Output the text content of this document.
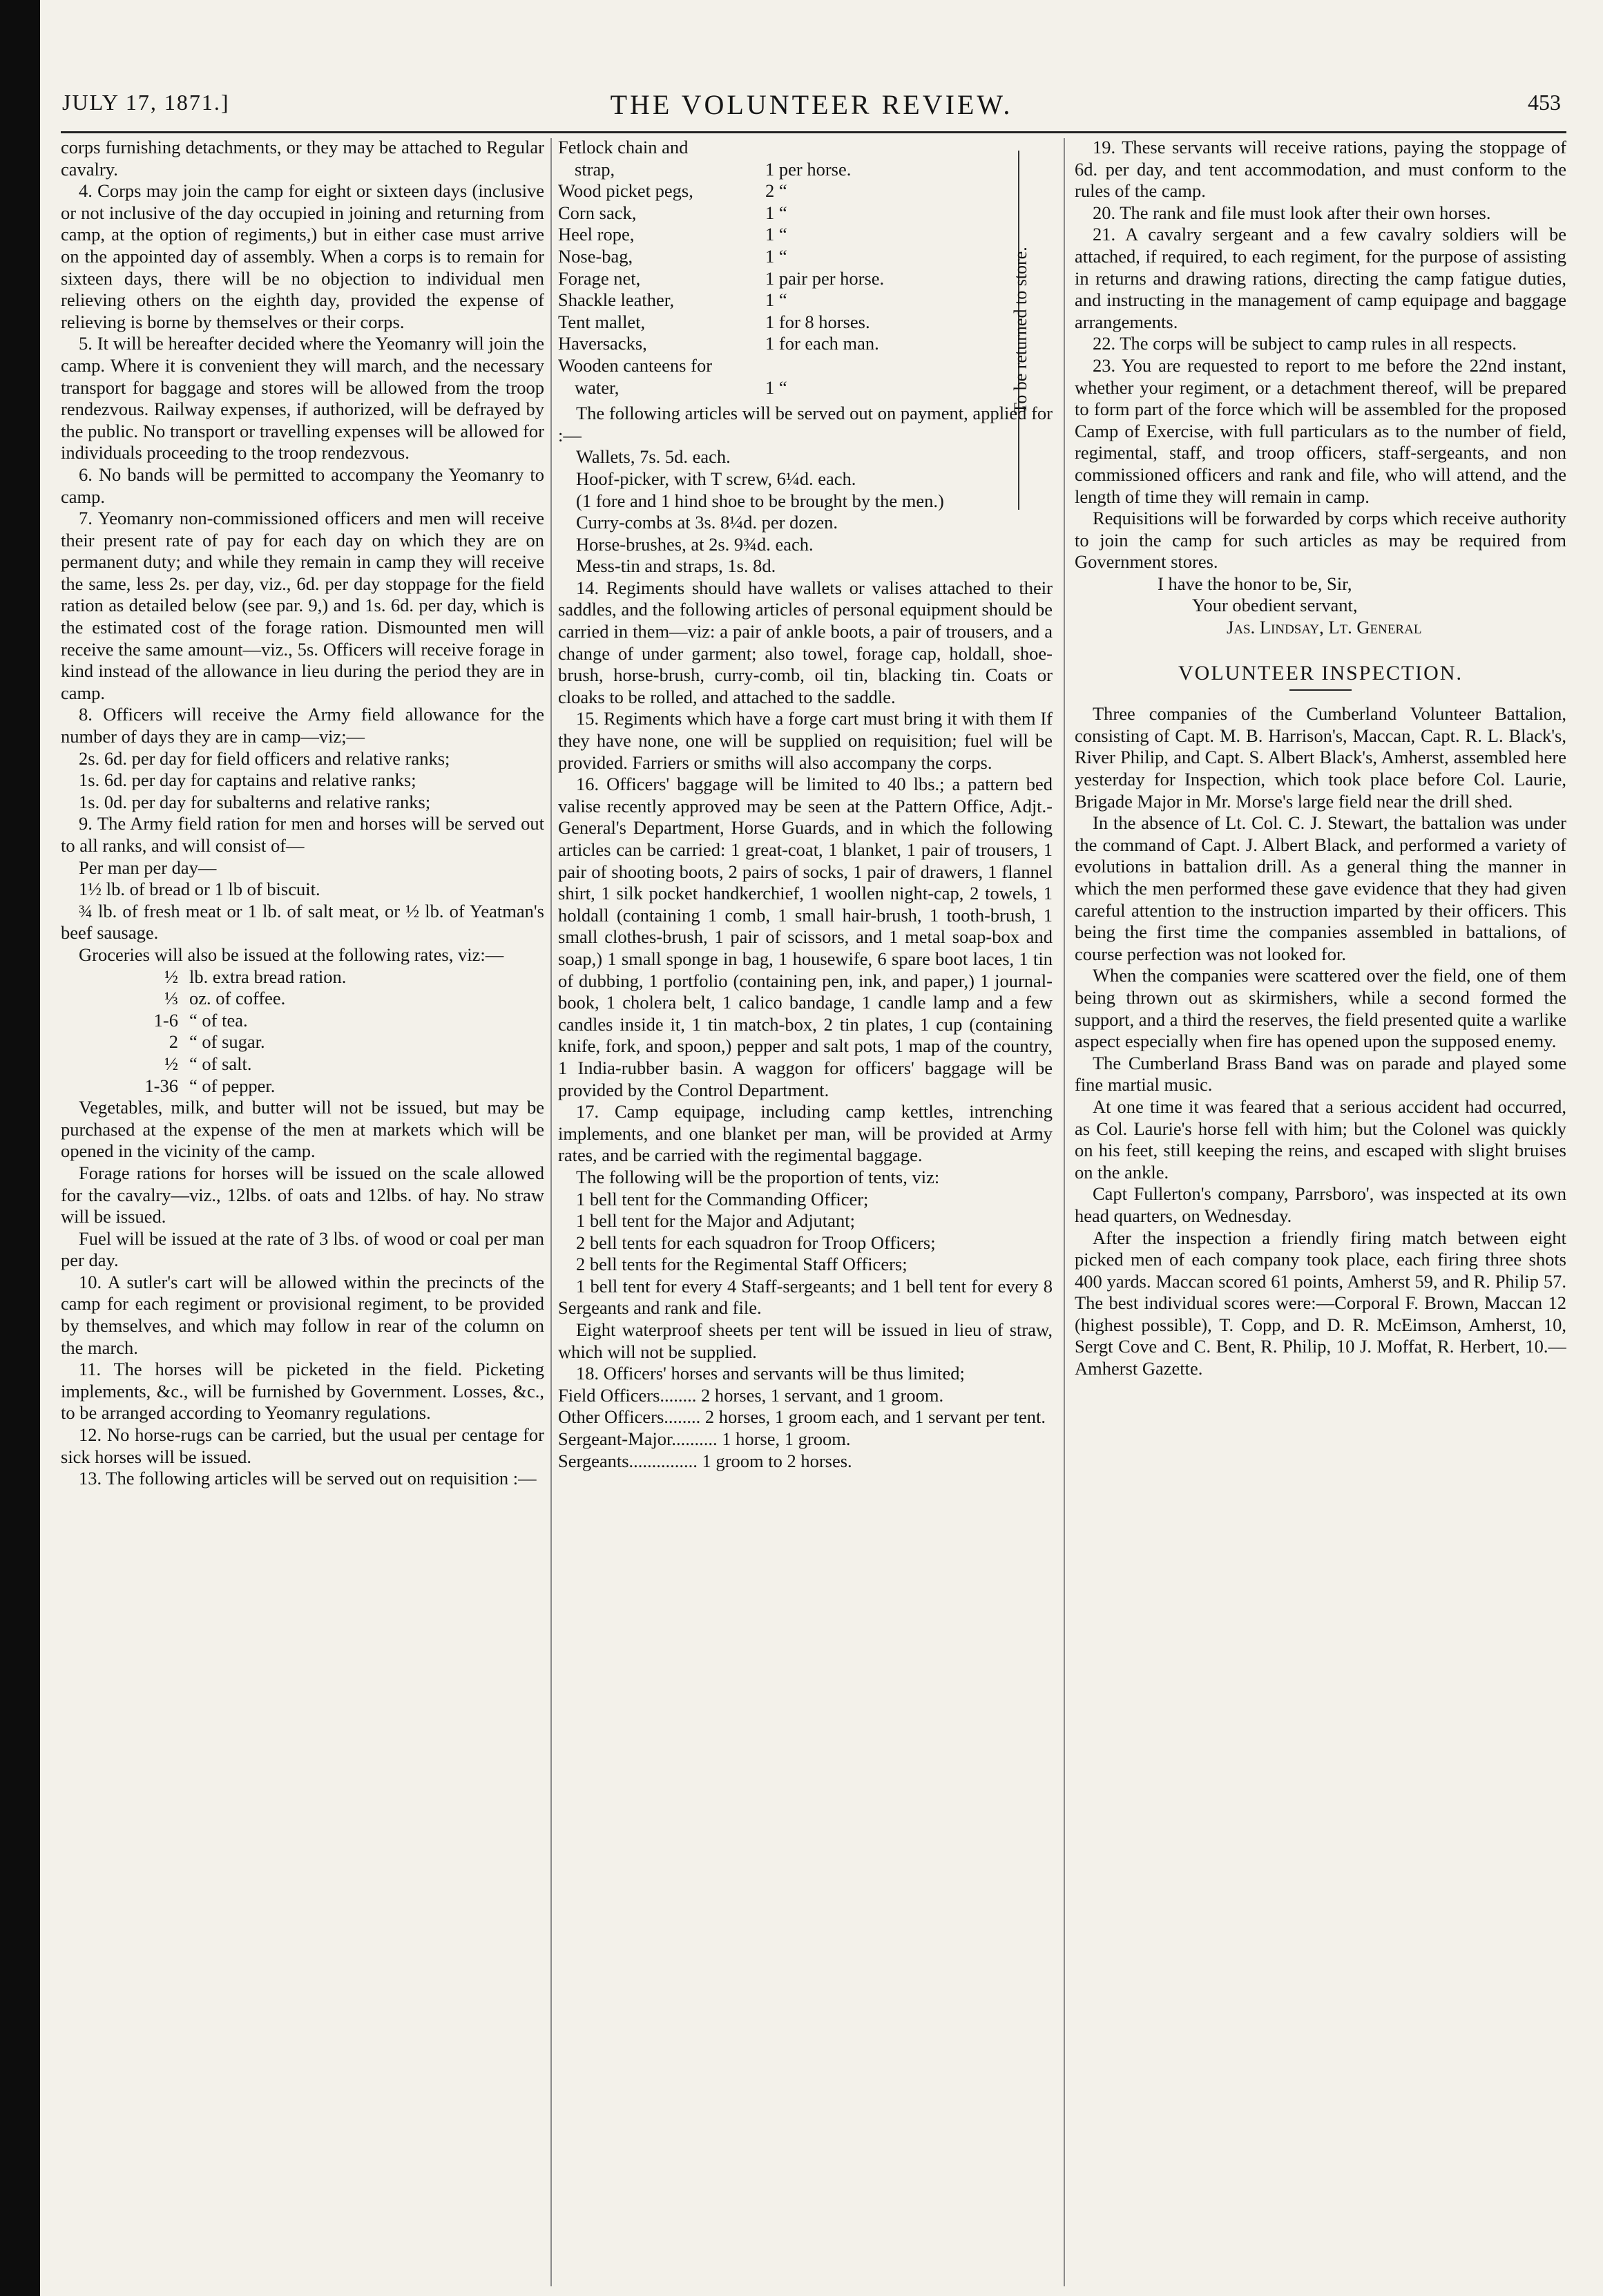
JULY 17, 1871.]	THE VOLUNTEER REVIEW.	453

corps furnishing detachments, or they may be attached to Regular cavalry.

4. Corps may join the camp for eight or sixteen days (inclusive or not inclusive of the day occupied in joining and returning from camp, at the option of regiments,) but in either case must arrive on the appointed day of assembly. When a corps is to remain for sixteen days, there will be no objection to individual men relieving others on the eighth day, provided the expense of relieving is borne by themselves or their corps.

5. It will be hereafter decided where the Yeomanry will join the camp. Where it is convenient they will march, and the necessary transport for baggage and stores will be allowed from the troop rendezvous. Railway expenses, if authorized, will be defrayed by the public. No transport or travelling expenses will be allowed for individuals proceeding to the troop rendezvous.

6. No bands will be permitted to accompany the Yeomanry to camp.

7. Yeomanry non-commissioned officers and men will receive their present rate of pay for each day on which they are on permanent duty; and while they remain in camp they will receive the same, less 2s. per day, viz., 6d. per day stoppage for the field ration as detailed below (see par. 9,) and 1s. 6d. per day, which is the estimated cost of the forage ration. Dismounted men will receive the same amount—viz., 5s. Officers will receive forage in kind instead of the allowance in lieu during the period they are in camp.

8. Officers will receive the Army field allowance for the number of days they are in camp—viz;—

2s. 6d. per day for field officers and relative ranks;

1s. 6d. per day for captains and relative ranks;

1s. 0d. per day for subalterns and relative ranks;

9. The Army field ration for men and horses will be served out to all ranks, and will consist of—

Per man per day—

1½ lb. of bread or 1 lb of biscuit.

¾ lb. of fresh meat or 1 lb. of salt meat, or ½ lb. of Yeatman's beef sausage.

Groceries will also be issued at the following rates, viz:—

½ lb. extra bread ration.
⅓ oz. of coffee.
1-6 “ of tea.
2 “ of sugar.
½ “ of salt.
1-36 “ of pepper.

Vegetables, milk, and butter will not be issued, but may be purchased at the expense of the men at markets which will be opened in the vicinity of the camp.

Forage rations for horses will be issued on the scale allowed for the cavalry—viz., 12lbs. of oats and 12lbs. of hay. No straw will be issued.

Fuel will be issued at the rate of 3 lbs. of wood or coal per man per day.

10. A sutler's cart will be allowed within the precincts of the camp for each regiment or provisional regiment, to be provided by themselves, and which may follow in rear of the column on the march.

11. The horses will be picketed in the field. Picketing implements, &c., will be furnished by Government. Losses, &c., to be arranged according to Yeomanry regulations.

12. No horse-rugs can be carried, but the usual per centage for sick horses will be issued.

13. The following articles will be served out on requisition :—

Fetlock chain and
strap,	1 per horse.
Wood picket pegs,	2 “
Corn sack,	1 “
Heel rope,	1 “
Nose-bag,	1 “
Forage net,	1 pair per horse.
Shackle leather,	1 “
Tent mallet,	1 for 8 horses.
Haversacks,	1 for each man.
Wooden canteens for
water,	1 “	To be returned to store.

The following articles will be served out on payment, applied for :—

Wallets, 7s. 5d. each.

Hoof-picker, with T screw, 6¼d. each.

(1 fore and 1 hind shoe to be brought by the men.)

Curry-combs at 3s. 8¼d. per dozen.

Horse-brushes, at 2s. 9¾d. each.

Mess-tin and straps, 1s. 8d.

14. Regiments should have wallets or valises attached to their saddles, and the following articles of personal equipment should be carried in them—viz: a pair of ankle boots, a pair of trousers, and a change of under garment; also towel, forage cap, holdall, shoe-brush, horse-brush, curry-comb, oil tin, blacking tin. Coats or cloaks to be rolled, and attached to the saddle.

15. Regiments which have a forge cart must bring it with them If they have none, one will be supplied on requisition; fuel will be provided. Farriers or smiths will also accompany the corps.

16. Officers' baggage will be limited to 40 lbs.; a pattern bed valise recently approved may be seen at the Pattern Office, Adjt.-General's Department, Horse Guards, and in which the following articles can be carried: 1 great-coat, 1 blanket, 1 pair of trousers, 1 pair of shooting boots, 2 pairs of socks, 1 pair of drawers, 1 flannel shirt, 1 silk pocket handkerchief, 1 woollen night-cap, 2 towels, 1 holdall (containing 1 comb, 1 small hair-brush, 1 tooth-brush, 1 small clothes-brush, 1 pair of scissors, and 1 metal soap-box and soap,) 1 small sponge in bag, 1 housewife, 6 spare boot laces, 1 tin of dubbing, 1 portfolio (containing pen, ink, and paper,) 1 journal-book, 1 cholera belt, 1 calico bandage, 1 candle lamp and a few candles inside it, 1 tin match-box, 2 tin plates, 1 cup (containing knife, fork, and spoon,) pepper and salt pots, 1 map of the country, 1 India-rubber basin. A waggon for officers' baggage will be provided by the Control Department.

17. Camp equipage, including camp kettles, intrenching implements, and one blanket per man, will be provided at Army rates, and be carried with the regimental baggage.

The following will be the proportion of tents, viz:

1 bell tent for the Commanding Officer;

1 bell tent for the Major and Adjutant;

2 bell tents for each squadron for Troop Officers;

2 bell tents for the Regimental Staff Officers;

1 bell tent for every 4 Staff-sergeants; and 1 bell tent for every 8 Sergeants and rank and file.

Eight waterproof sheets per tent will be issued in lieu of straw, which will not be supplied.

18. Officers' horses and servants will be thus limited;

Field Officers........ 2 horses, 1 servant, and 1 groom.

Other Officers........ 2 horses, 1 groom each, and 1 servant per tent.

Sergeant-Major.......... 1 horse, 1 groom.

Sergeants............... 1 groom to 2 horses.

19. These servants will receive rations, paying the stoppage of 6d. per day, and tent accommodation, and must conform to the rules of the camp.

20. The rank and file must look after their own horses.

21. A cavalry sergeant and a few cavalry soldiers will be attached, if required, to each regiment, for the purpose of assisting in returns and drawing rations, directing the camp fatigue duties, and instructing in the management of camp equipage and baggage arrangements.

22. The corps will be subject to camp rules in all respects.

23. You are requested to report to me before the 22nd instant, whether your regiment, or a detachment thereof, will be prepared to form part of the force which will be assembled for the proposed Camp of Exercise, with full particulars as to the number of field, regimental, staff, and troop officers, staff-sergeants, and non commissioned officers and rank and file, who will attend, and the length of time they will remain in camp.

Requisitions will be forwarded by corps which receive authority to join the camp for such articles as may be required from Government stores.

I have the honor to be, Sir,

Your obedient servant,

Jas. Lindsay, Lt. General

VOLUNTEER INSPECTION.

Three companies of the Cumberland Volunteer Battalion, consisting of Capt. M. B. Harrison's, Maccan, Capt. R. L. Black's, River Philip, and Capt. S. Albert Black's, Amherst, assembled here yesterday for Inspection, which took place before Col. Laurie, Brigade Major in Mr. Morse's large field near the drill shed.

In the absence of Lt. Col. C. J. Stewart, the battalion was under the command of Capt. J. Albert Black, and performed a variety of evolutions in battalion drill. As a general thing the manner in which the men performed these gave evidence that they had given careful attention to the instruction imparted by their officers. This being the first time the companies assembled in battalions, of course perfection was not looked for.

When the companies were scattered over the field, one of them being thrown out as skirmishers, while a second formed the support, and a third the reserves, the field presented quite a warlike aspect especially when fire has opened upon the supposed enemy.

The Cumberland Brass Band was on parade and played some fine martial music.

At one time it was feared that a serious accident had occurred, as Col. Laurie's horse fell with him; but the Colonel was quickly on his feet, still keeping the reins, and escaped with slight bruises on the ankle.

Capt Fullerton's company, Parrsboro', was inspected at its own head quarters, on Wednesday.

After the inspection a friendly firing match between eight picked men of each company took place, each firing three shots 400 yards. Maccan scored 61 points, Amherst 59, and R. Philip 57. The best individual scores were:—Corporal F. Brown, Maccan 12 (highest possible), T. Copp, and D. R. McEimson, Amherst, 10, Sergt Cove and C. Bent, R. Philip, 10 J. Moffat, R. Herbert, 10.—Amherst Gazette.
